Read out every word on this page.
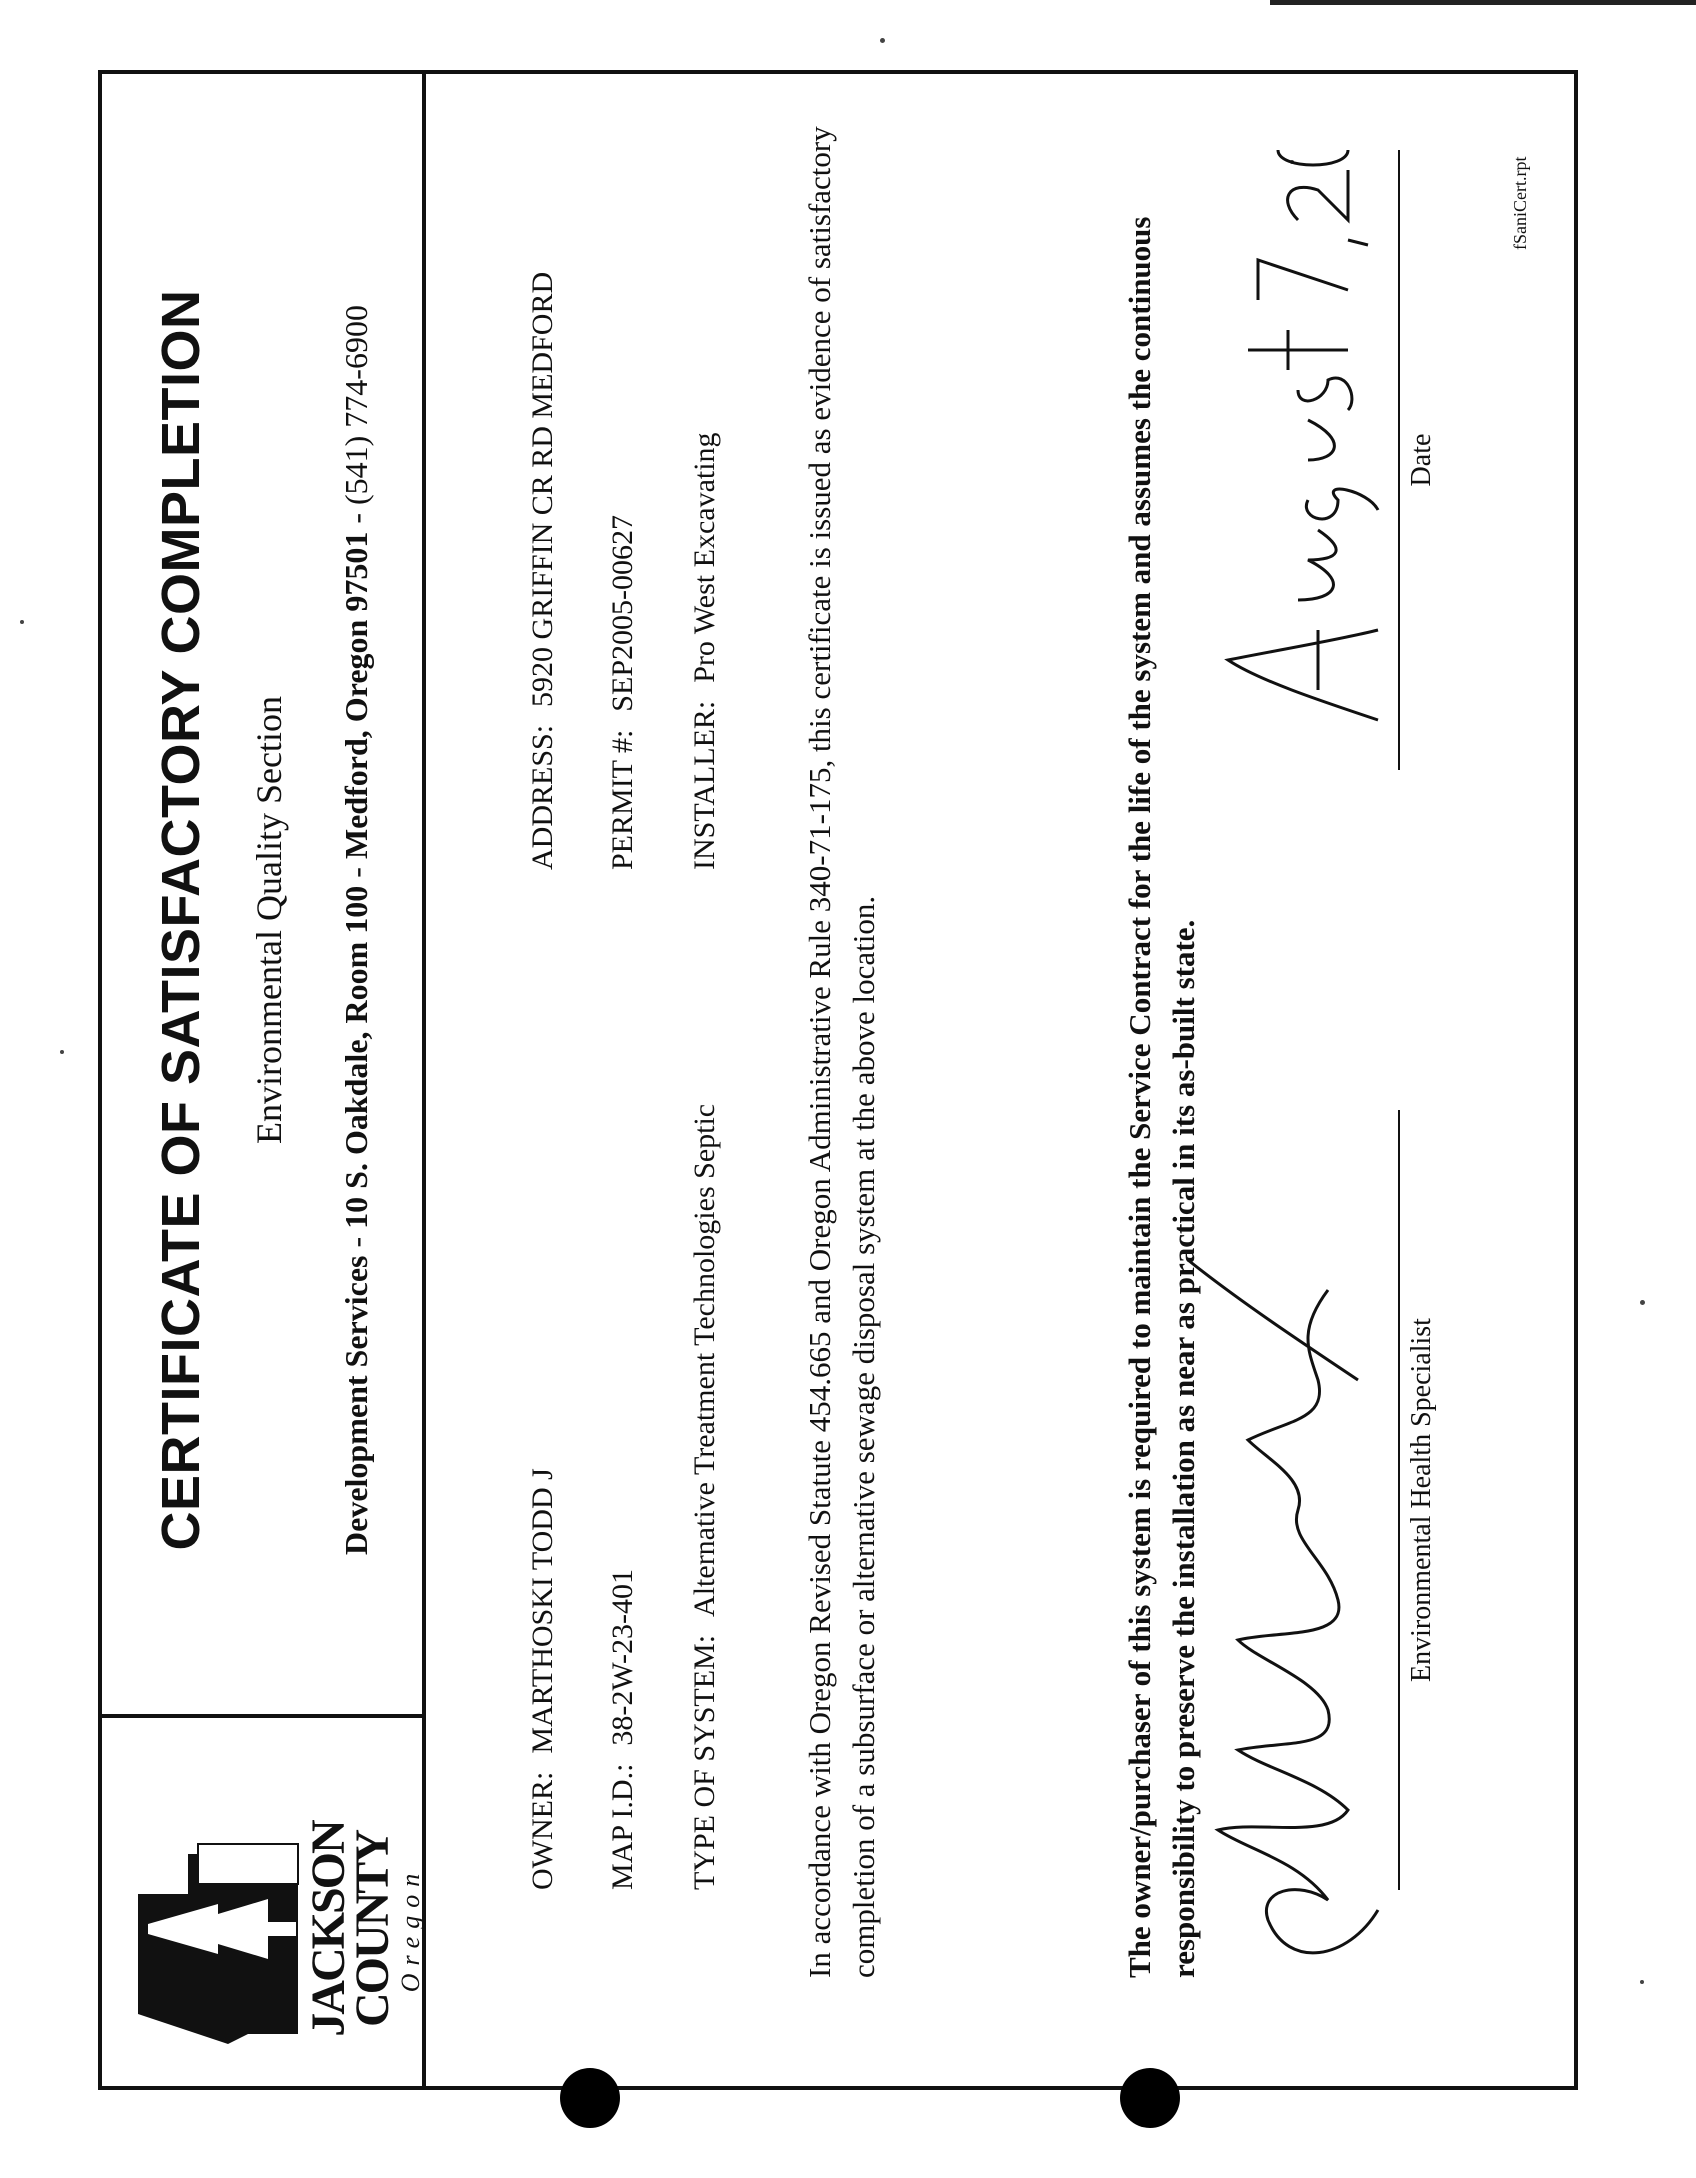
JACKSON
COUNTY
Oregon
CERTIFICATE OF SATISFACTORY COMPLETION Environmental Quality Section
Development Services - 10 S. Oakdale, Room 100 - Medford, Oregon 97501 - (541) 774-6900
OWNER:MARTHOSKI TODD J
ADDRESS:5920 GRIFFIN CR RD MEDFORD
MAP I.D.:38-2W-23-401
PERMIT #:SEP2005-00627
TYPE OF SYSTEM:Alternative Treatment Technologies Septic
INSTALLER:Pro West Excavating	In accordance with Oregon Revised Statute 454.665 and Oregon Administrative Rule 340-71-175, this certificate is issued as evidence of satisfactory completion of a subsurface or alternative sewage disposal system at the above location.	The owner/purchaser of this system is required to maintain the Service Contract for the life of the system and assumes the continuous responsibility to preserve the installation as near as practical in its as-built state.	Environmental Health Specialist
Date
fSaniCert.rpt
